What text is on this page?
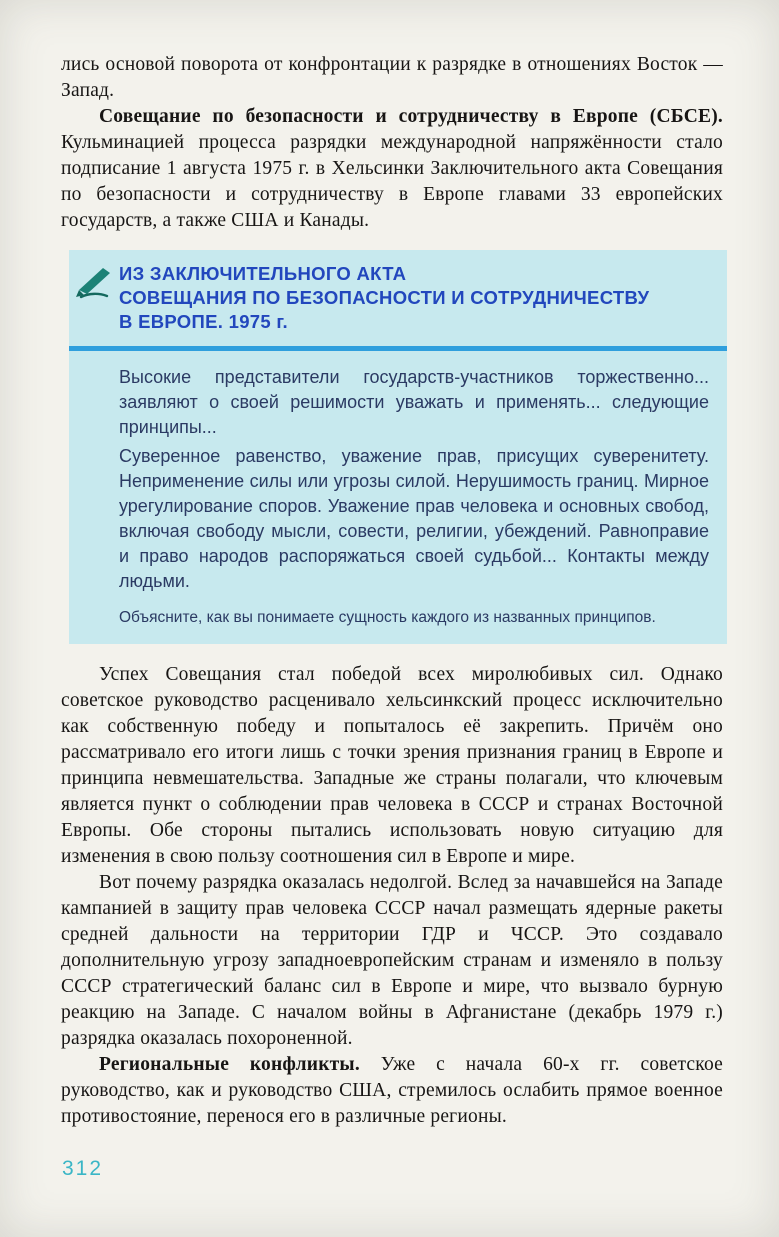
лись основой поворота от конфронтации к разрядке в отношениях Восток — Запад.

Совещание по безопасности и сотрудничеству в Европе (СБСЕ). Кульминацией процесса разрядки международной напряжённости стало подписание 1 августа 1975 г. в Хельсинки Заключительного акта Совещания по безопасности и сотрудничеству в Европе главами 33 европейских государств, а также США и Канады.

ИЗ ЗАКЛЮЧИТЕЛЬНОГО АКТА
СОВЕЩАНИЯ ПО БЕЗОПАСНОСТИ И СОТРУДНИЧЕСТВУ
В ЕВРОПЕ. 1975 г.

Высокие представители государств-участников торжественно... заявляют о своей решимости уважать и применять... следующие принципы...

Суверенное равенство, уважение прав, присущих суверенитету. Неприменение силы или угрозы силой. Нерушимость границ. Мирное урегулирование споров. Уважение прав человека и основных свобод, включая свободу мысли, совести, религии, убеждений. Равноправие и право народов распоряжаться своей судьбой... Контакты между людьми.

Объясните, как вы понимаете сущность каждого из названных принципов.

Успех Совещания стал победой всех миролюбивых сил. Однако советское руководство расценивало хельсинкский процесс исключительно как собственную победу и попыталось её закрепить. Причём оно рассматривало его итоги лишь с точки зрения признания границ в Европе и принципа невмешательства. Западные же страны полагали, что ключевым является пункт о соблюдении прав человека в СССР и странах Восточной Европы. Обе стороны пытались использовать новую ситуацию для изменения в свою пользу соотношения сил в Европе и мире.

Вот почему разрядка оказалась недолгой. Вслед за начавшейся на Западе кампанией в защиту прав человека СССР начал размещать ядерные ракеты средней дальности на территории ГДР и ЧССР. Это создавало дополнительную угрозу западноевропейским странам и изменяло в пользу СССР стратегический баланс сил в Европе и мире, что вызвало бурную реакцию на Западе. С началом войны в Афганистане (декабрь 1979 г.) разрядка оказалась похороненной.

Региональные конфликты. Уже с начала 60-х гг. советское руководство, как и руководство США, стремилось ослабить прямое военное противостояние, перенося его в различные регионы.

312
